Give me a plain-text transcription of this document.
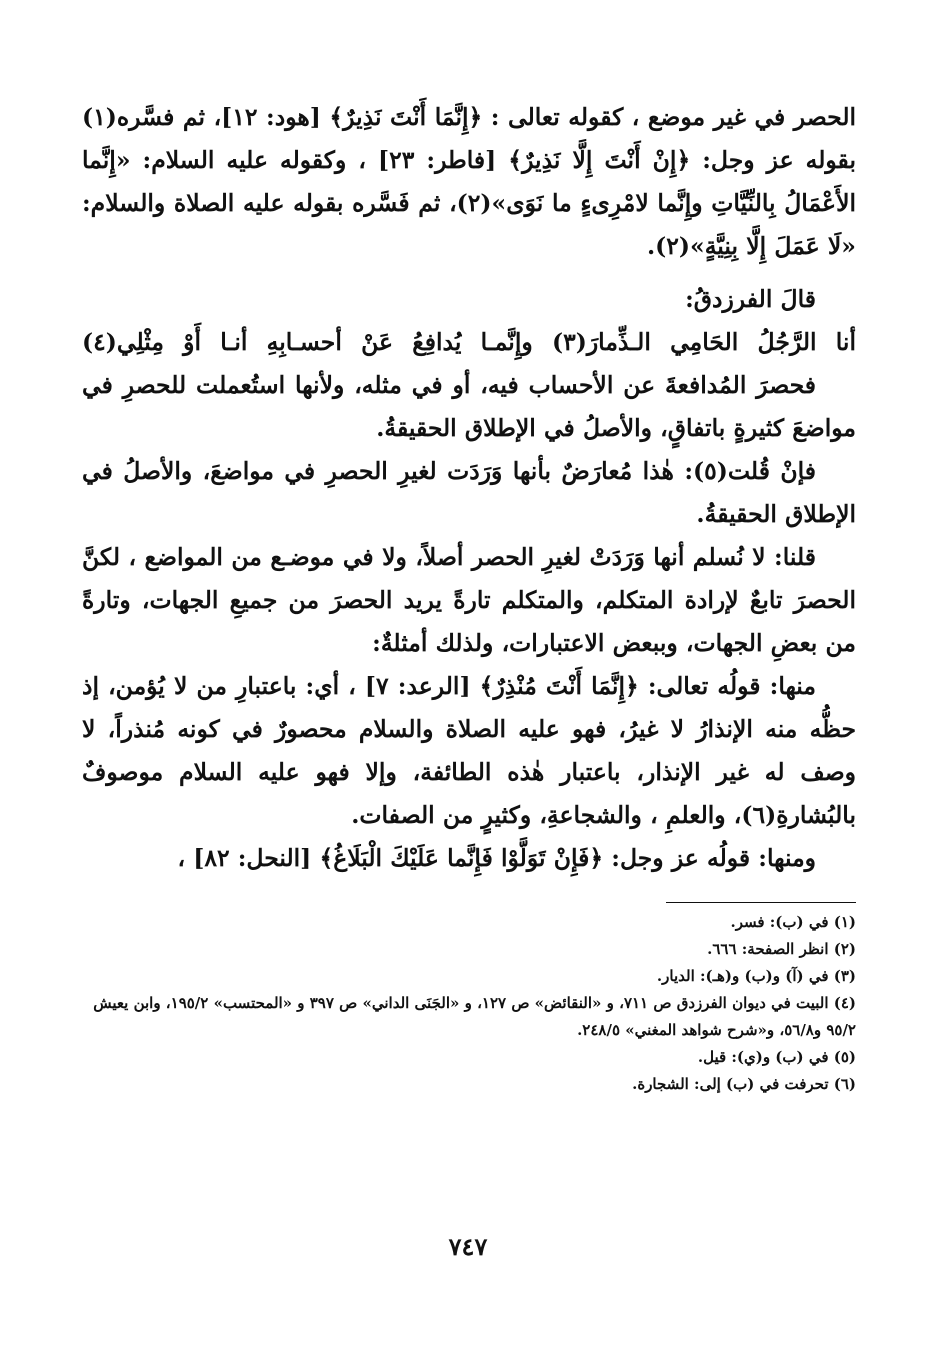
الحصر في غير موضع ، كقوله تعالى : ﴿إِنَّمَا أَنْتَ نَذِيرٌ﴾ [هود: ١٢]، ثم فسَّره(١) بقوله عز وجل: ﴿إِنْ أَنْتَ إِلَّا نَذِيرٌ﴾ [فاطر: ٢٣] ، وكقوله عليه السلام: «إِنَّما الأَعْمَالُ بِالنِّيَّاتِ وإِنَّما لامْرِىءٍ ما نَوَى»(٢)، ثم فَسَّره بقوله عليه الصلاة والسلام: «لَا عَمَلَ إِلَّا بِنِيَّةٍ»(٢).

قالَ الفرزدقُ:

أنا الرَّجُلُ الحَامِي الـذِّمارَ(٣) وإِنَّمـا يُدافِعُ عَنْ أحسـابِهِ أنـا أَوْ مِثْلِي(٤)

فحصرَ المُدافعةَ عن الأحساب فيه، أو في مثله، ولأنها استُعملت للحصرِ في مواضعَ كثيرةٍ باتفاقٍ، والأصلُ في الإطلاق الحقيقةُ.

فإنْ قُلت(٥): هٰذا مُعارَضٌ بأنها وَرَدَت لغيرِ الحصرِ في مواضعَ، والأصلُ في الإطلاق الحقيقةُ.

قلنا: لا نُسلم أنها وَرَدَتْ لغيرِ الحصر أصلاً، ولا في موضـع من المواضع ، لكنَّ الحصرَ تابعٌ لإرادة المتكلم، والمتكلم تارةً يريد الحصرَ من جميعِ الجهات، وتارةً من بعضِ الجهات، وببعض الاعتبارات، ولذلك أمثلةٌ:

منها: قولُه تعالى: ﴿إِنَّمَا أَنْتَ مُنْذِرٌ﴾ [الرعد: ٧] ، أي: باعتبارِ من لا يُؤمن، إذ حظُّه منه الإنذارُ لا غيرُ، فهو عليه الصلاة والسلام محصورٌ في كونه مُنذراً، لا وصف له غير الإنذار، باعتبار هٰذه الطائفة، وإلا فهو عليه السلام موصوفٌ بالبُشارةِ(٦)، والعلمِ ، والشجاعةِ، وكثيرٍ من الصفات.

ومنها: قولُه عز وجل: ﴿فَإِنْ تَوَلَّوْا فَإِنَّما عَلَيْكَ الْبَلَاغُ﴾ [النحل: ٨٢] ،

(١) في (ب): فسر.

(٢) انظر الصفحة: ٦٦٦.

(٣) في (آ) و(ب) و(هـ): الديار.

(٤) البيت في ديوان الفرزدق ص ٧١١، و «النقائض» ص ١٢٧، و «الجَنَى الداني» ص ٣٩٧ و «المحتسب» ١٩٥/٢، وابن يعيش ٩٥/٢ و٥٦/٨، و«شرح شواهد المغني» ٢٤٨/٥.

(٥) في (ب) و(ي): قيل.

(٦) تحرفت في (ب) إلى: الشجارة.

٧٤٧
